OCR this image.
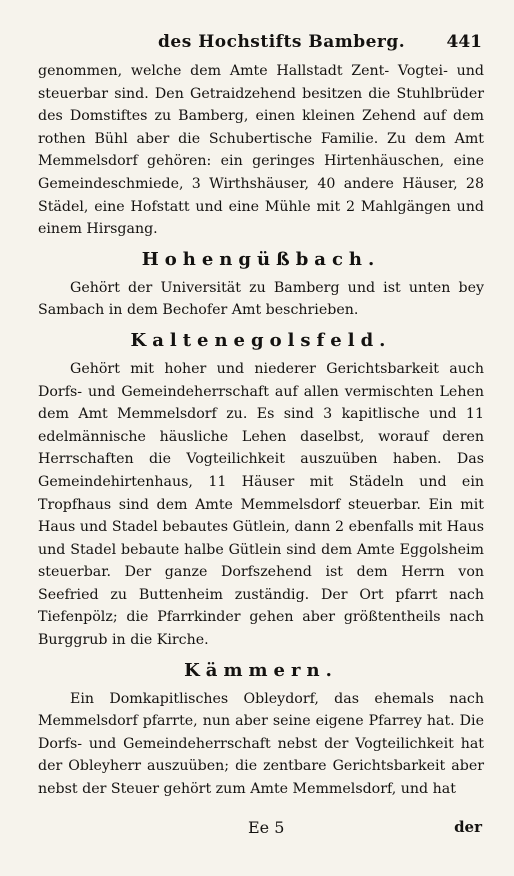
des Hochstifts Bamberg. 441

genommen, welche dem Amte Hallstadt Zent- Vogtei- und steuerbar sind. Den Getraidzehend besitzen die Stuhlbrüder des Domstiftes zu Bamberg, einen kleinen Zehend auf dem rothen Bühl aber die Schubertische Familie. Zu dem Amt Memmelsdorf gehören: ein geringes Hirtenhäuschen, eine Gemeindeschmiede, 3 Wirthshäuser, 40 andere Häuser, 28 Städel, eine Hofstatt und eine Mühle mit 2 Mahlgängen und einem Hirsgang.

Hohengüßbach.

Gehört der Universität zu Bamberg und ist unten bey Sambach in dem Bechofer Amt beschrieben.

Kaltenegolsfeld.

Gehört mit hoher und niederer Gerichtsbarkeit auch Dorfs- und Gemeindeherrschaft auf allen vermischten Lehen dem Amt Memmelsdorf zu. Es sind 3 kapitlische und 11 edelmännische häusliche Lehen daselbst, worauf deren Herrschaften die Vogteilichkeit auszuüben haben. Das Gemeindehirtenhaus, 11 Häuser mit Städeln und ein Tropfhaus sind dem Amte Memmelsdorf steuerbar. Ein mit Haus und Stadel bebautes Gütlein, dann 2 ebenfalls mit Haus und Stadel bebaute halbe Gütlein sind dem Amte Eggolsheim steuerbar. Der ganze Dorfszehend ist dem Herrn von Seefried zu Buttenheim zuständig. Der Ort pfarrt nach Tiefenpölz; die Pfarrkinder gehen aber größtentheils nach Burggrub in die Kirche.

Kämmern.

Ein Domkapitlisches Obleydorf, das ehemals nach Memmelsdorf pfarrte, nun aber seine eigene Pfarrey hat. Die Dorfs- und Gemeindeherrschaft nebst der Vogteilichkeit hat der Obleyherr auszuüben; die zentbare Gerichtsbarkeit aber nebst der Steuer gehört zum Amte Memmelsdorf, und hat

Ee 5	der
